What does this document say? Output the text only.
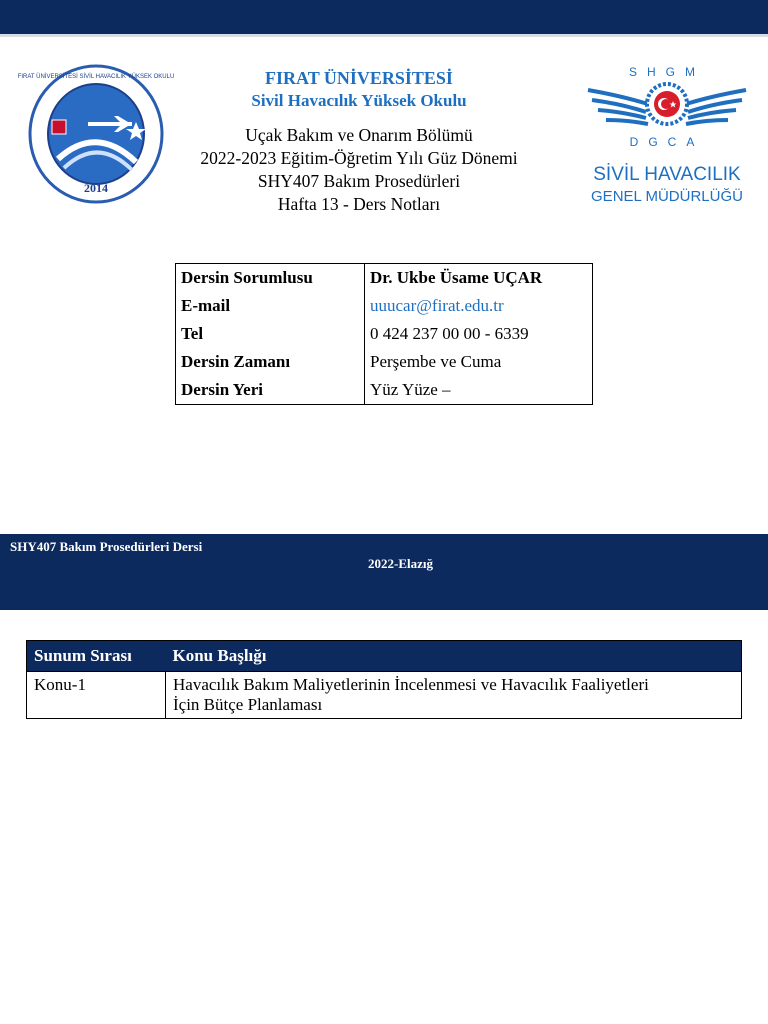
2014
FIRAT ÜNİVERSİTESİ SİVİL HAVACILIK YÜKSEK OKULU	FIRAT ÜNİVERSİTESİ
Sivil Havacılık Yüksek Okulu
Uçak Bakım ve Onarım Bölümü
2022-2023 Eğitim-Öğretim Yılı Güz Dönemi
SHY407 Bakım Prosedürleri
Hafta 13 - Ders Notları
SHGM
DGCA
SİVİL HAVACILIK
GENEL MÜDÜRLÜĞÜ
Dersin Sorumlusu	Dr. Ukbe Üsame UÇAR
E-mail	uuucar@firat.edu.tr
Tel	0 424 237 00 00 - 6339
Dersin Zamanı	Perşembe ve Cuma
Dersin Yeri	Yüz Yüze –
SHY407 Bakım Prosedürleri Dersi
2022-Elazığ
Sunum Sırası	Konu Başlığı
Konu-1	Havacılık Bakım Maliyetlerinin İncelenmesi ve Havacılık Faaliyetleri
İçin Bütçe Planlaması
